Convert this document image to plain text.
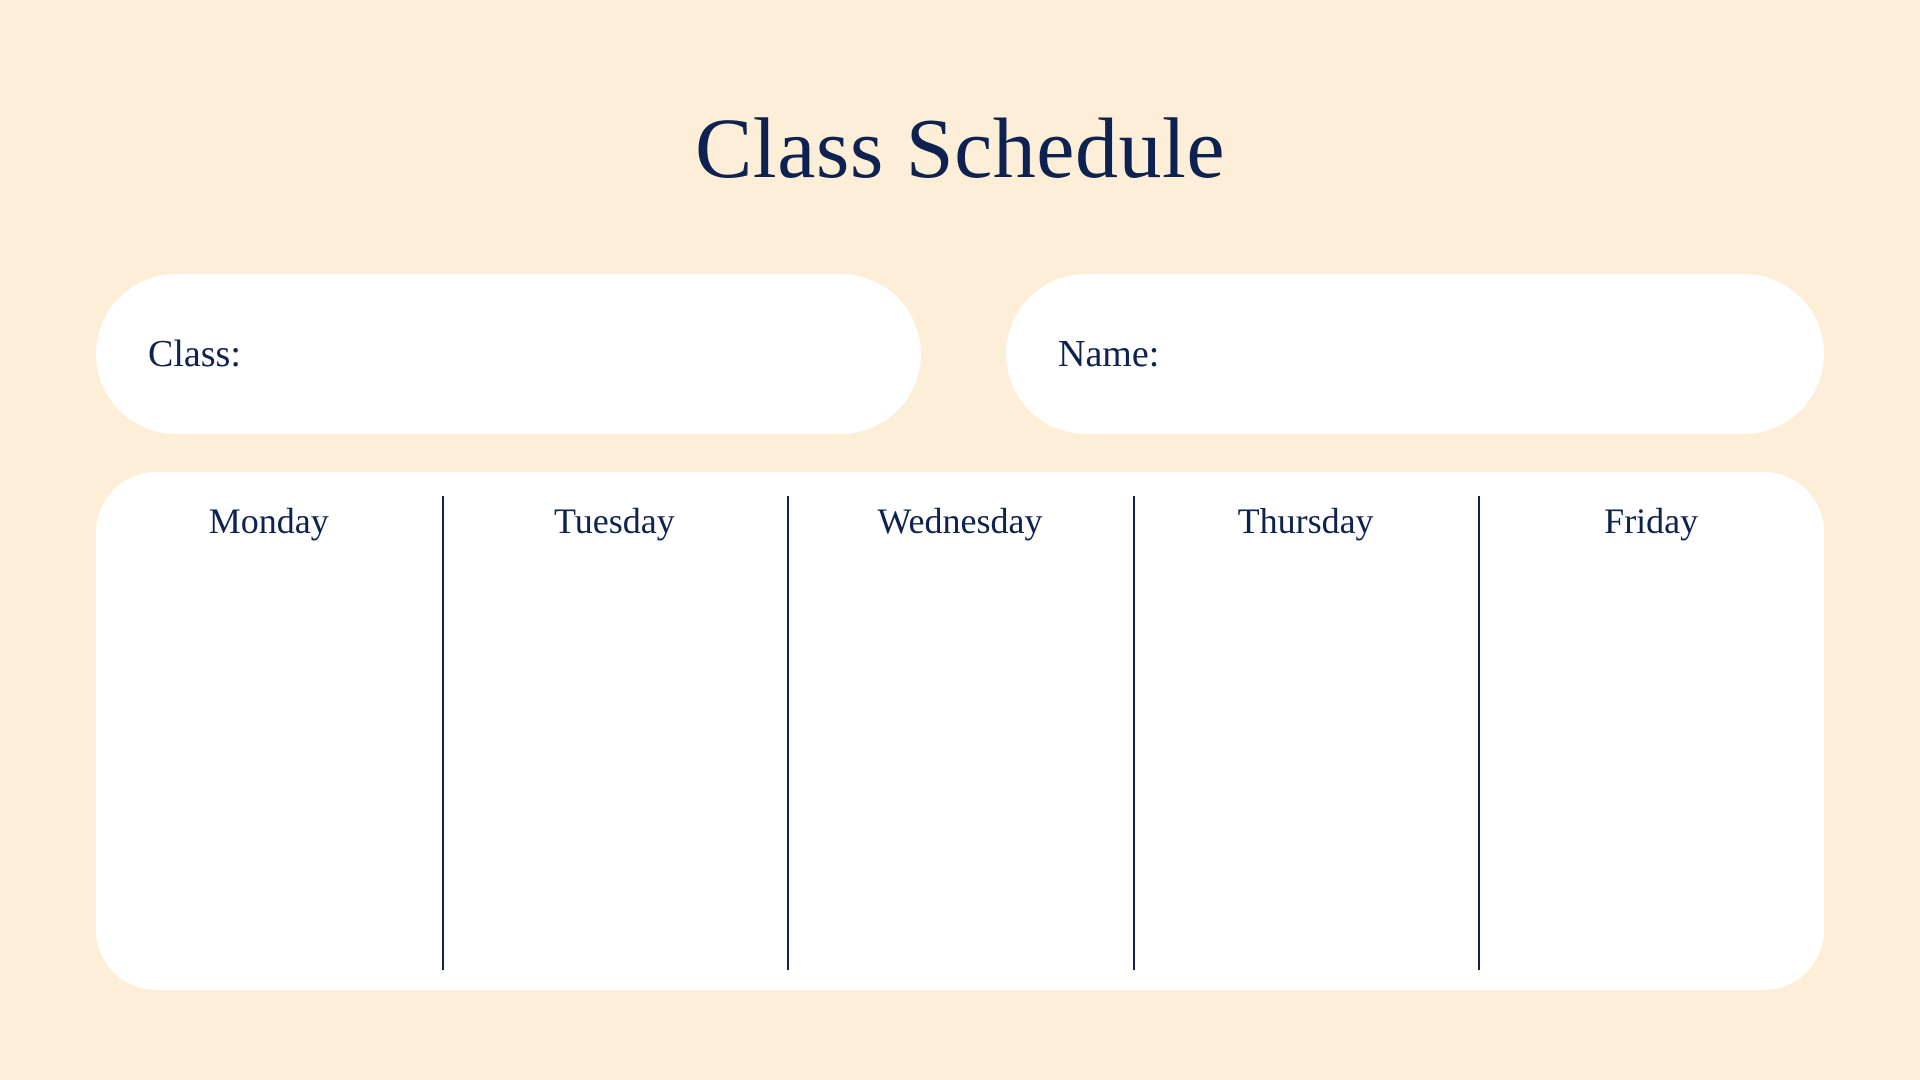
Class Schedule
Class:	Name:
Monday	Tuesday	Wednesday	Thursday	Friday
